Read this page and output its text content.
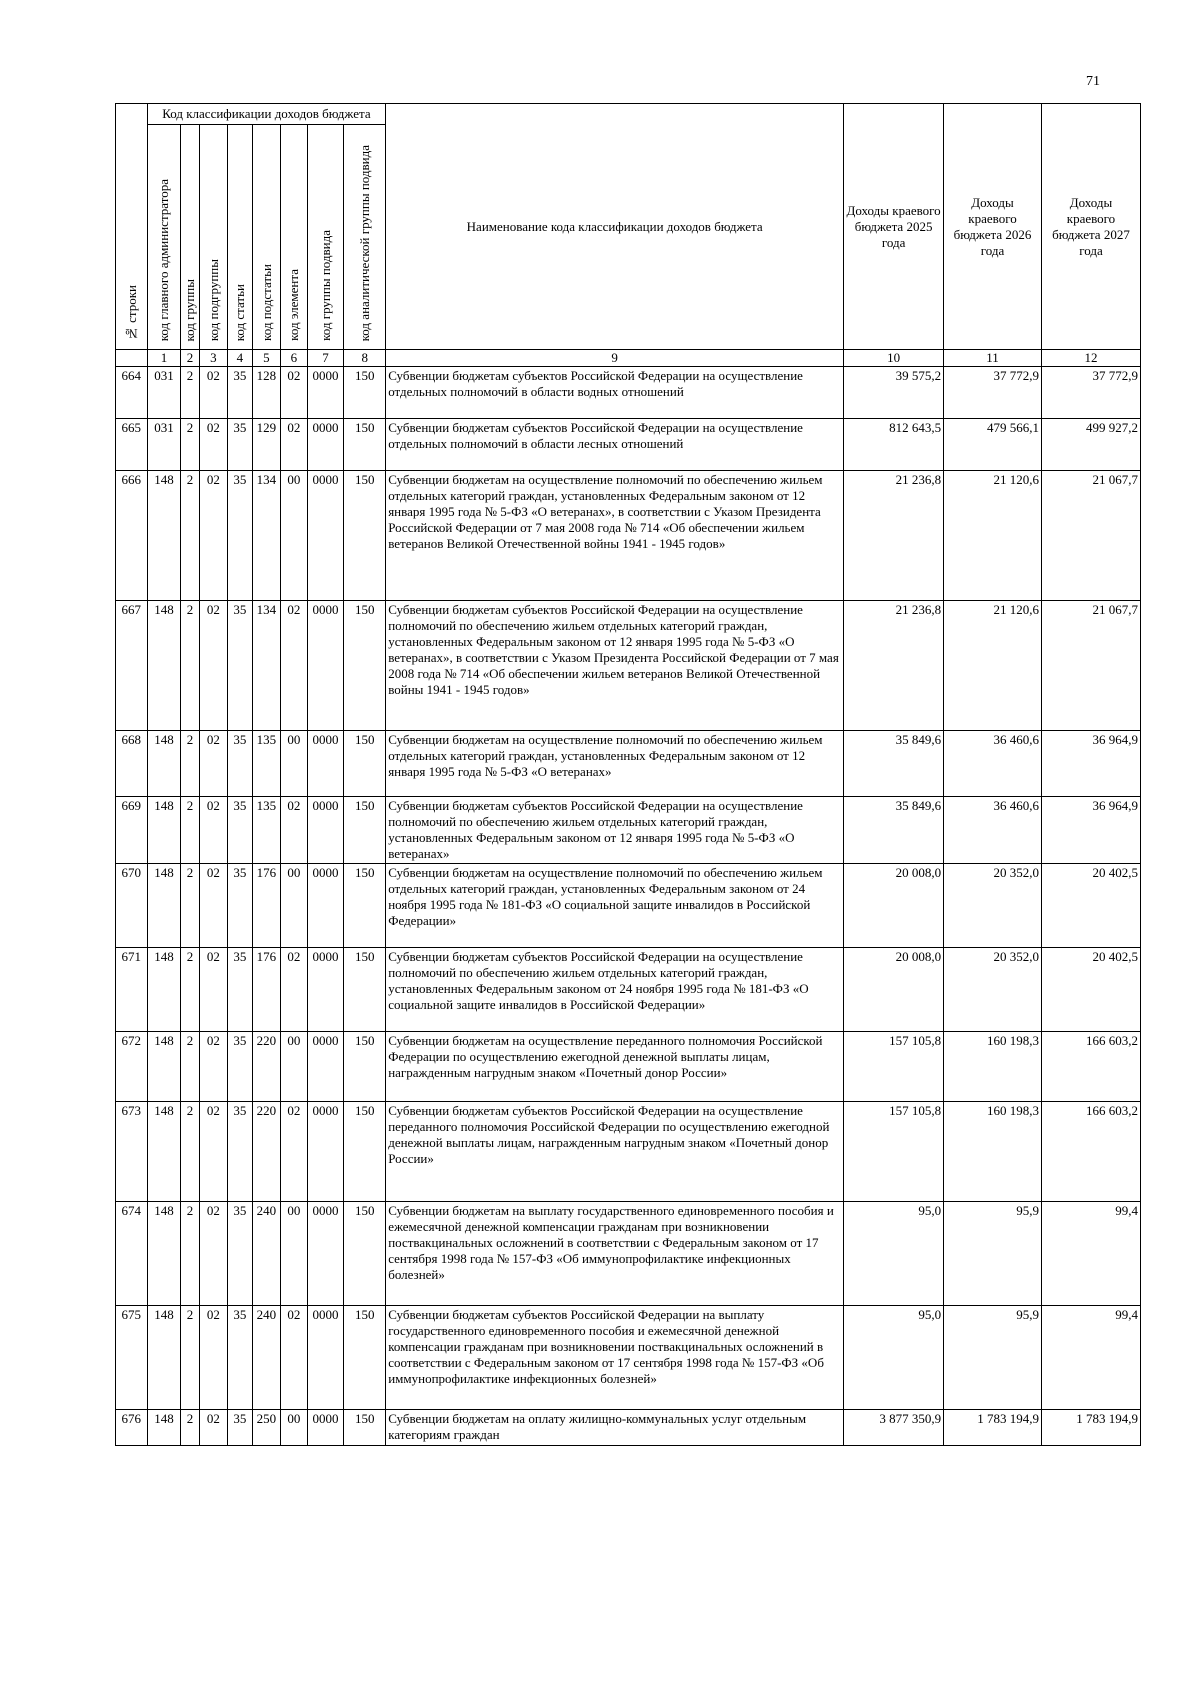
71
№ строки	Код классификации доходов бюджета								Наименование кода классификации доходов бюджета	Доходы краевого бюджета 2025 года	Доходы краевого бюджета 2026 года	Доходы краевого бюджета 2027 года
	код главного администратора	код группы	код подгруппы	код статьи	код подстатьи	код элемента	код группы подвида	код аналитической группы подвида				
	1	2	3	4	5	6	7	8	9	10	11	12
664	031	2	02	35	128	02	0000	150	Субвенции бюджетам субъектов Российской Федерации на осуществление отдельных полномочий в области водных отношений	39 575,2	37 772,9	37 772,9
665	031	2	02	35	129	02	0000	150	Субвенции бюджетам субъектов Российской Федерации на осуществление отдельных полномочий в области лесных отношений	812 643,5	479 566,1	499 927,2
666	148	2	02	35	134	00	0000	150	Субвенции бюджетам на осуществление полномочий по обеспечению жильем отдельных категорий граждан, установленных Федеральным законом от 12 января 1995 года № 5-ФЗ «О ветеранах», в соответствии с Указом Президента Российской Федерации от 7 мая 2008 года № 714 «Об обеспечении жильем ветеранов Великой Отечественной войны 1941 - 1945 годов»	21 236,8	21 120,6	21 067,7
667	148	2	02	35	134	02	0000	150	Субвенции бюджетам субъектов Российской Федерации на осуществление полномочий по обеспечению жильем отдельных категорий граждан, установленных Федеральным законом от 12 января 1995 года № 5-ФЗ «О ветеранах», в соответствии с Указом Президента Российской Федерации от 7 мая 2008 года № 714 «Об обеспечении жильем ветеранов Великой Отечественной войны 1941 - 1945 годов»	21 236,8	21 120,6	21 067,7
668	148	2	02	35	135	00	0000	150	Субвенции бюджетам на осуществление полномочий по обеспечению жильем отдельных категорий граждан, установленных Федеральным законом от 12 января 1995 года № 5-ФЗ «О ветеранах»	35 849,6	36 460,6	36 964,9
669	148	2	02	35	135	02	0000	150	Субвенции бюджетам субъектов Российской Федерации на осуществление полномочий по обеспечению жильем отдельных категорий граждан, установленных Федеральным законом от 12 января 1995 года № 5-ФЗ «О ветеранах»	35 849,6	36 460,6	36 964,9
670	148	2	02	35	176	00	0000	150	Субвенции бюджетам на осуществление полномочий по обеспечению жильем отдельных категорий граждан, установленных Федеральным законом от 24 ноября 1995 года № 181-ФЗ «О социальной защите инвалидов в Российской Федерации»	20 008,0	20 352,0	20 402,5
671	148	2	02	35	176	02	0000	150	Субвенции бюджетам субъектов Российской Федерации на осуществление полномочий по обеспечению жильем отдельных категорий граждан, установленных Федеральным законом от 24 ноября 1995 года № 181-ФЗ «О социальной защите инвалидов в Российской Федерации»	20 008,0	20 352,0	20 402,5
672	148	2	02	35	220	00	0000	150	Субвенции бюджетам на осуществление переданного полномочия Российской Федерации по осуществлению ежегодной денежной выплаты лицам, награжденным нагрудным знаком «Почетный донор России»	157 105,8	160 198,3	166 603,2
673	148	2	02	35	220	02	0000	150	Субвенции бюджетам субъектов Российской Федерации на осуществление переданного полномочия Российской Федерации по осуществлению ежегодной денежной выплаты лицам, награжденным нагрудным знаком «Почетный донор России»	157 105,8	160 198,3	166 603,2
674	148	2	02	35	240	00	0000	150	Субвенции бюджетам на выплату государственного единовременного пособия и ежемесячной денежной компенсации гражданам при возникновении поствакцинальных осложнений в соответствии с Федеральным законом от 17 сентября 1998 года № 157-ФЗ «Об иммунопрофилактике инфекционных болезней»	95,0	95,9	99,4
675	148	2	02	35	240	02	0000	150	Субвенции бюджетам субъектов Российской Федерации на выплату государственного единовременного пособия и ежемесячной денежной компенсации гражданам при возникновении поствакцинальных осложнений в соответствии с Федеральным законом от 17 сентября 1998 года № 157-ФЗ «Об иммунопрофилактике инфекционных болезней»	95,0	95,9	99,4
676	148	2	02	35	250	00	0000	150	Субвенции бюджетам на оплату жилищно-коммунальных услуг отдельным категориям граждан	3 877 350,9	1 783 194,9	1 783 194,9
